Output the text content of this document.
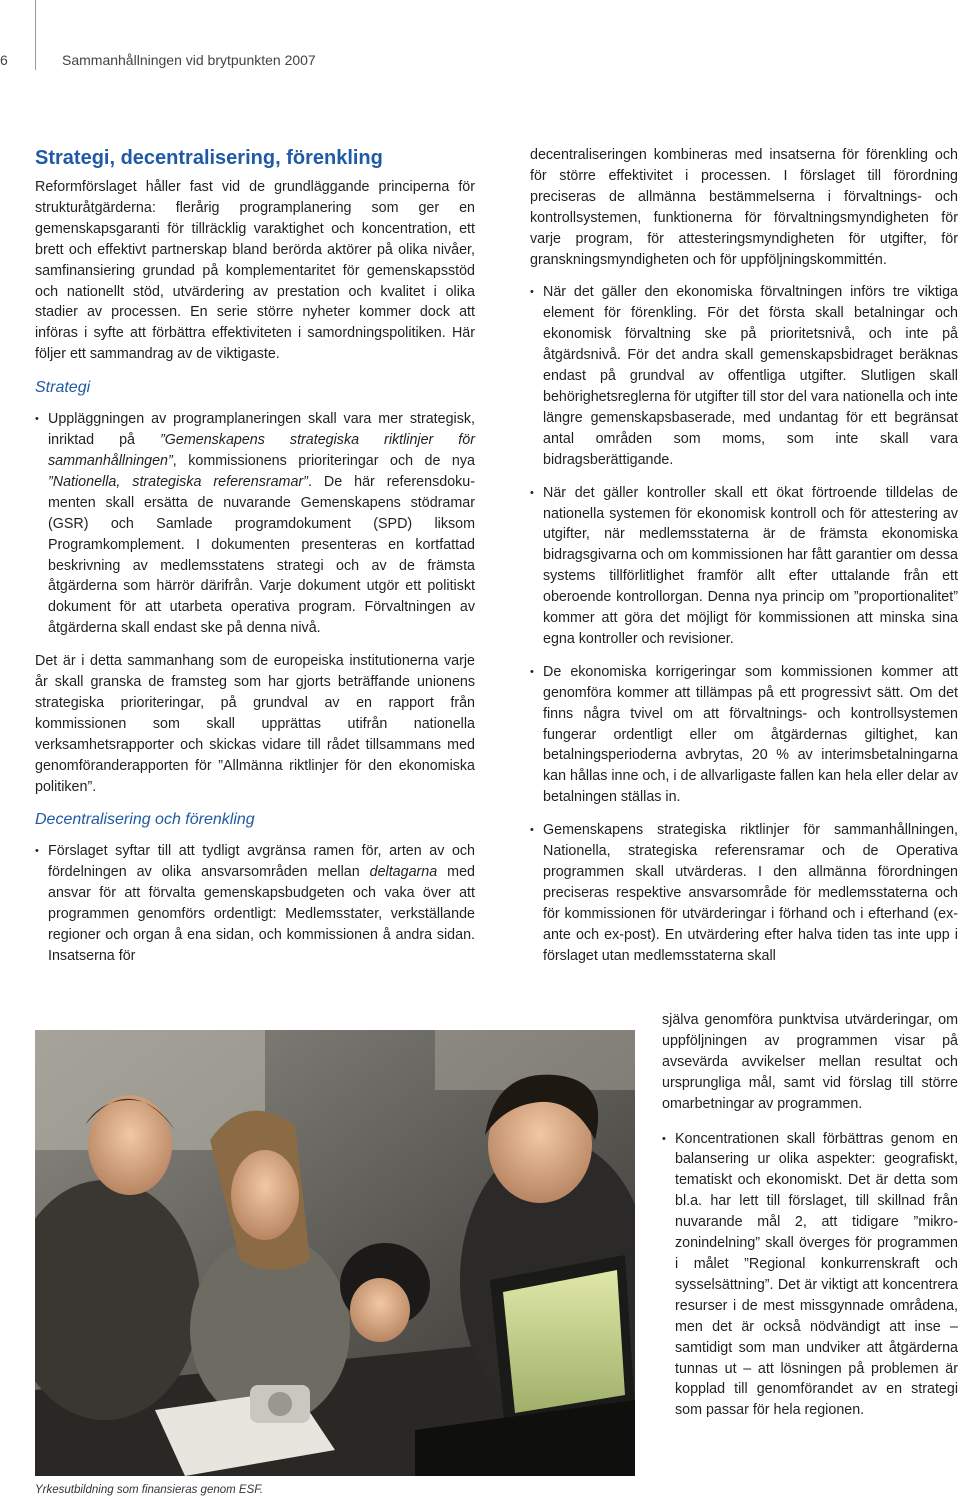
6	Sammanhållningen vid brytpunkten 2007
Strategi, decentralisering, förenkling

Reformförslaget håller fast vid de grundläggande principerna för strukturåtgärderna: flerårig programplanering som ger en gemenskapsgaranti för tillräcklig varaktighet och koncentration, ett brett och effektivt partnerskap bland berörda aktörer på olika nivåer, samfinansiering grundad på komplementaritet för gemenskapsstöd och nationellt stöd, utvärdering av prestation och kvalitet i olika stadier av processen. En serie större nyheter kommer dock att införas i syfte att förbättra effektiviteten i samordningspolitiken. Här följer ett sammandrag av de viktigaste.

Strategi
• Uppläggningen av programplaneringen skall vara mer strategisk, inriktad på ”Gemenskapens strategiska riktlinjer för sammanhållningen”, kommissionens prioriteringar och de nya ”Nationella, strategiska referensramar”. De här referensdoku-menten skall ersätta de nuvarande Gemenskapens stödramar (GSR) och Samlade programdokument (SPD) liksom Programkomplement. I dokumenten presenteras en kortfattad beskrivning av medlemsstatens strategi och av de främsta åtgärderna som härrör därifrån. Varje dokument utgör ett politiskt dokument för att utarbeta operativa program. Förvaltningen av åtgärderna skall endast ske på denna nivå.

Det är i detta sammanhang som de europeiska institutionerna varje år skall granska de framsteg som har gjorts beträffande unionens strategiska prioriteringar, på grundval av en rapport från kommissionen som skall upprättas utifrån nationella verksamhetsrapporter och skickas vidare till rådet tillsammans med genomföranderapporten för ”Allmänna riktlinjer för den ekonomiska politiken”.

Decentralisering och förenkling
• Förslaget syftar till att tydligt avgränsa ramen för, arten av och fördelningen av olika ansvarsområden mellan deltagarna med ansvar för att förvalta gemenskapsbudgeten och vaka över att programmen genomförs ordentligt: Medlemsstater, verkställande regioner och organ å ena sidan, och kommissionen å andra sidan. Insatserna för

decentraliseringen kombineras med insatserna för förenkling och för större effektivitet i processen. I förslaget till förordning preciseras de allmänna bestämmelserna i förvaltnings- och kontrollsystemen, funktionerna för förvaltningsmyndigheten för varje program, för attesteringsmyndigheten för utgifter, för granskningsmyndigheten och för uppföljningskommittén.

• När det gäller den ekonomiska förvaltningen införs tre viktiga element för förenkling. För det första skall betalningar och ekonomisk förvaltning ske på prioritetsnivå, och inte på åtgärdsnivå. För det andra skall gemenskapsbidraget beräknas endast på grundval av offentliga utgifter. Slutligen skall behörighetsreglerna för utgifter till stor del vara nationella och inte längre gemenskapsbaserade, med undantag för ett begränsat antal områden som moms, som inte skall vara bidragsberättigande.
• När det gäller kontroller skall ett ökat förtroende tilldelas de nationella systemen för ekonomisk kontroll och för attestering av utgifter, när medlemsstaterna är de främsta ekonomiska bidragsgivarna och om kommissionen har fått garantier om dessa systems tillförlitlighet framför allt efter uttalande från ett oberoende kontrollorgan. Denna nya princip om ”proportionalitet” kommer att göra det möjligt för kommissionen att minska sina egna kontroller och revisioner.
• De ekonomiska korrigeringar som kommissionen kommer att genomföra kommer att tillämpas på ett progressivt sätt. Om det finns några tvivel om att förvaltnings- och kontrollsystemen fungerar ordentligt eller om åtgärdernas giltighet, kan betalningsperioderna avbrytas, 20 % av interimsbetalningarna kan hållas inne och, i de allvarligaste fallen kan hela eller delar av betalningen ställas in.
• Gemenskapens strategiska riktlinjer för sammanhållningen, Nationella, strategiska referensramar och de Operativa programmen skall utvärderas. I den allmänna förordningen preciseras respektive ansvarsområde för medlemsstaterna och för kommissionen för utvärderingar i förhand och i efterhand (ex-ante och ex-post). En utvärdering efter halva tiden tas inte upp i förslaget utan medlemsstaterna skall

själva genomföra punktvisa utvärderingar, om uppföljningen av programmen visar på avsevärda avvikelser mellan resultat och ursprungliga mål, samt vid förslag till större omarbetningar av programmen.

• Koncentrationen skall förbättras genom en balansering ur olika aspekter: geografiskt, tematiskt och ekonomiskt. Det är detta som bl.a. har lett till förslaget, till skillnad från nuvarande mål 2, att tidigare ”mikro-zonindelning” skall överges för programmen i målet ”Regional konkurrenskraft och sysselsättning”. Det är viktigt att koncentrera resurser i de mest missgynnade områdena, men det är också nödvändigt att inse – samtidigt som man undviker att åtgärderna tunnas ut – att lösningen på problemen är kopplad till genomförandet av en strategi som passar för hela regionen.
Yrkesutbildning som finansieras genom ESF.
